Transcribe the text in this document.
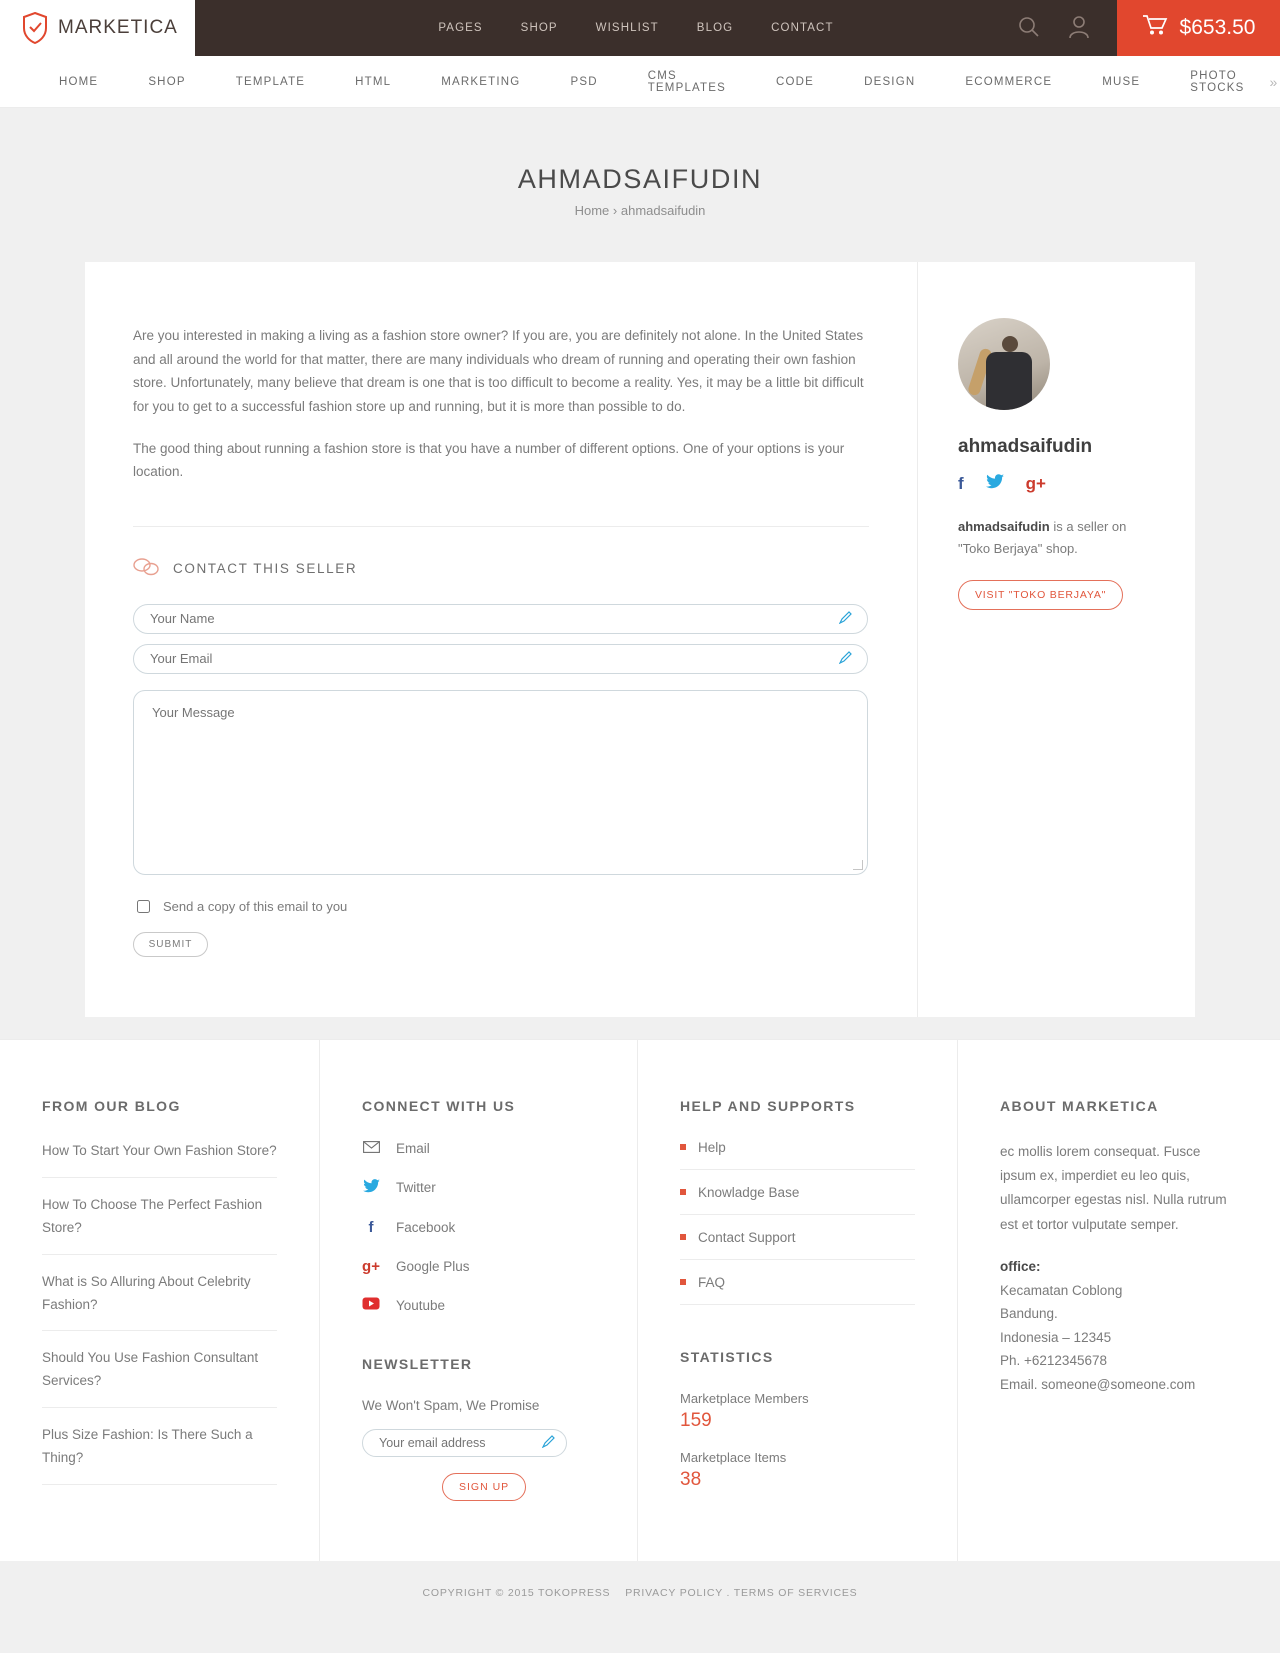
MARKETICA	PAGES	SHOP	WISHLIST	BLOG	CONTACT	$653.50
HOME	SHOP	TEMPLATE	HTML	MARKETING	PSD	CMS TEMPLATES	CODE	DESIGN	ECOMMERCE	MUSE	PHOTO STOCKS	»
AHMADSAIFUDIN
Home › ahmadsaifudin

Are you interested in making a living as a fashion store owner? If you are, you are definitely not alone. In the United States and all around the world for that matter, there are many individuals who dream of running and operating their own fashion store. Unfortunately, many believe that dream is one that is too difficult to become a reality. Yes, it may be a little bit difficult for you to get to a successful fashion store up and running, but it is more than possible to do.

The good thing about running a fashion store is that you have a number of different options. One of your options is your location.

CONTACT THIS SELLER
Your Name
Your Email
Your Message
Send a copy of this email to you
SUBMIT
ahmadsaifudin
f	g+

ahmadsaifudin is a seller on "Toko Berjaya" shop.

VISIT "TOKO BERJAYA"
FROM OUR BLOG
How To Start Your Own Fashion Store?
How To Choose The Perfect Fashion Store?
What is So Alluring About Celebrity Fashion?
Should You Use Fashion Consultant Services?
Plus Size Fashion: Is There Such a Thing?
CONNECT WITH US
Email
Twitter
f	Facebook
g+ Google Plus
Youtube
NEWSLETTER

We Won't Spam, We Promise

Your email address
SIGN UP
HELP AND SUPPORTS
Help
Knowladge Base
Contact Support
FAQ
STATISTICS
Marketplace Members
159
Marketplace Items
38
ABOUT MARKETICA

ec mollis lorem consequat. Fusce ipsum ex, imperdiet eu leo quis, ullamcorper egestas nisl. Nulla rutrum est et tortor vulputate semper.

office:
Kecamatan Coblong
Bandung.
Indonesia – 12345
Ph. +6212345678
Email. someone@someone.com
COPYRIGHT © 2015 TOKOPRESS PRIVACY POLICY . TERMS OF SERVICES
